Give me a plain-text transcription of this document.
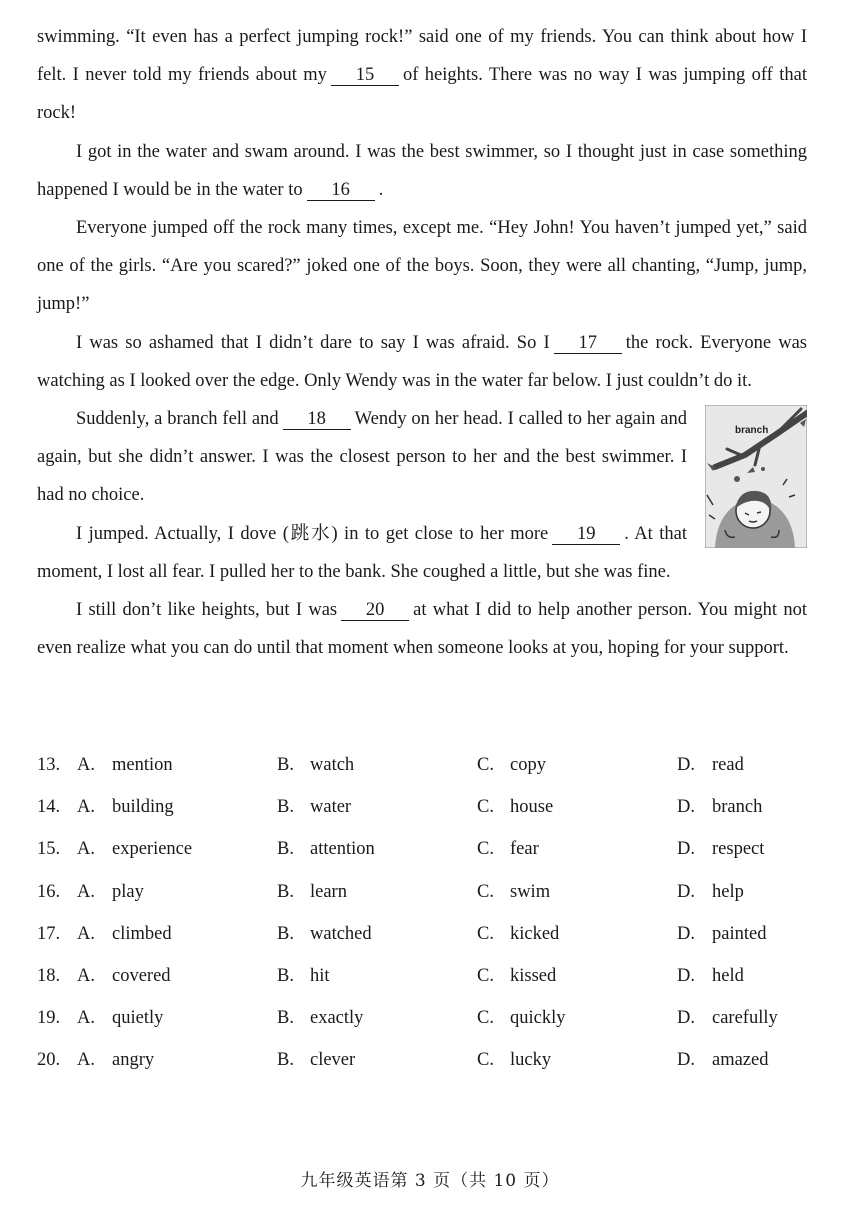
swimming. “It even has a perfect jumping rock!” said one of my friends. You can think about how I felt. I never told my friends about my 15 of heights. There was no way I was jumping off that rock!

I got in the water and swam around. I was the best swimmer, so I thought just in case something happened I would be in the water to 16 .

Everyone jumped off the rock many times, except me. “Hey John! You haven’t jumped yet,” said one of the girls. “Are you scared?” joked one of the boys. Soon, they were all chanting, “Jump, jump, jump!”

I was so ashamed that I didn’t dare to say I was afraid. So I 17 the rock. Everyone was watching as I looked over the edge. Only Wendy was in the water far below. I just couldn’t do it.

branch
Suddenly, a branch fell and 18 Wendy on her head. I called to her again and again, but she didn’t answer. I was the closest person to her and the best swimmer. I had no choice.

I jumped. Actually, I dove (跳水) in to get close to her more 19 . At that moment, I lost all fear. I pulled her to the bank. She coughed a little, but she was fine.

I still don’t like heights, but I was 20 at what I did to help another person. You might not even realize what you can do until that moment when someone looks at you, hoping for your support.

13. A. mention	B. watch	C. copy	D. read
14. A. building	B. water	C. house	D. branch
15. A. experience	B. attention	C. fear	D. respect
16. A. play	B. learn	C. swim	D. help
17. A. climbed	B. watched	C. kicked	D. painted
18. A. covered	B. hit	C. kissed	D. held
19. A. quietly	B. exactly	C. quickly	D. carefully
20. A. angry	B. clever	C. lucky	D. amazed
九年级英语第 3 页（共 10 页）
